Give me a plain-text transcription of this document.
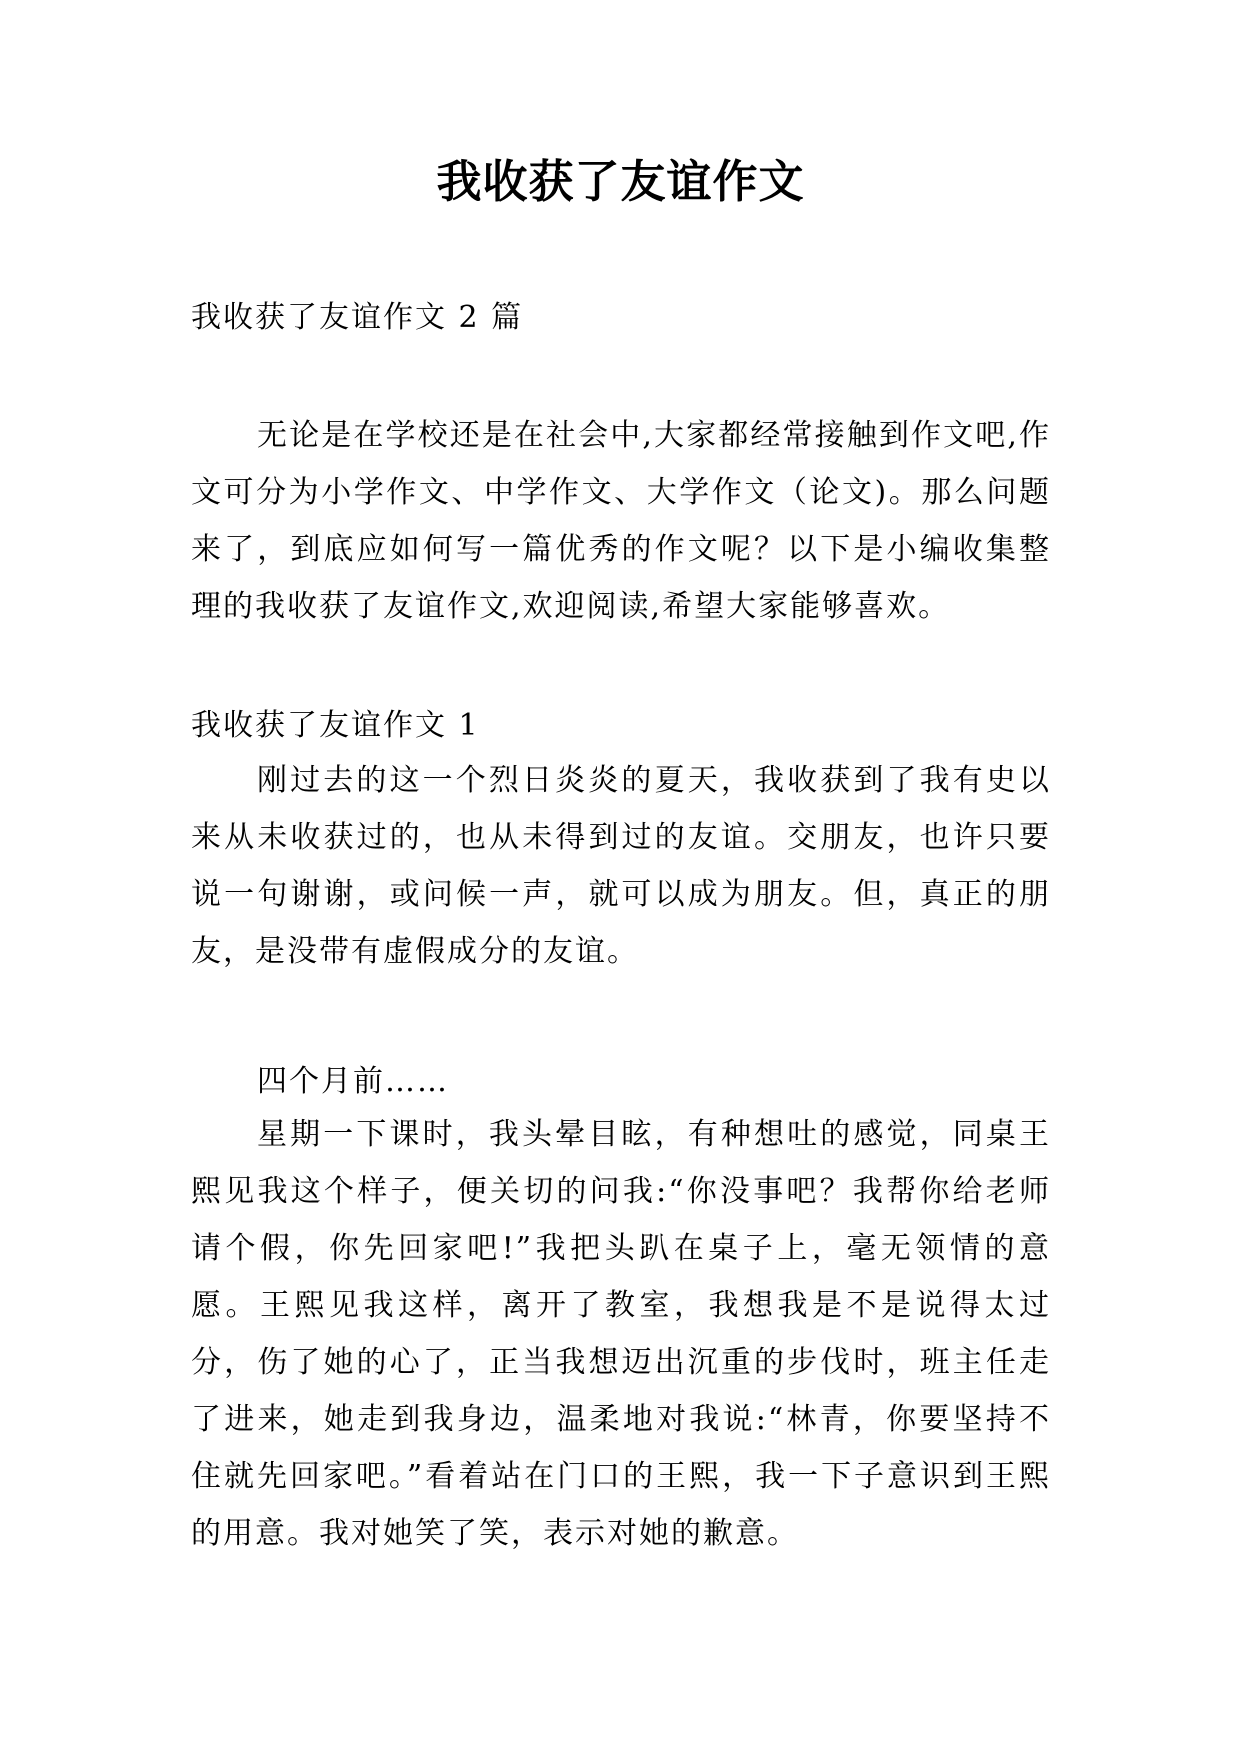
我收获了友谊作文
我收获了友谊作文 2 篇

无论是在学校还是在社会中,大家都经常接触到作文吧,作文可分为小学作文、中学作文、大学作文（论文)。那么问题来了，到底应如何写一篇优秀的作文呢？以下是小编收集整理的我收获了友谊作文,欢迎阅读,希望大家能够喜欢。

我收获了友谊作文 1

刚过去的这一个烈日炎炎的夏天，我收获到了我有史以来从未收获过的，也从未得到过的友谊。交朋友，也许只要说一句谢谢，或问候一声，就可以成为朋友。但，真正的朋友，是没带有虚假成分的友谊。

四个月前……

星期一下课时，我头晕目眩，有种想吐的感觉，同桌王熙见我这个样子，便关切的问我:“你没事吧？我帮你给老师请个假，你先回家吧!”我把头趴在桌子上，毫无领情的意愿。王熙见我这样，离开了教室，我想我是不是说得太过分，伤了她的心了，正当我想迈出沉重的步伐时，班主任走了进来，她走到我身边，温柔地对我说:“林青，你要坚持不住就先回家吧。”看着站在门口的王熙，我一下子意识到王熙的用意。我对她笑了笑，表示对她的歉意。
